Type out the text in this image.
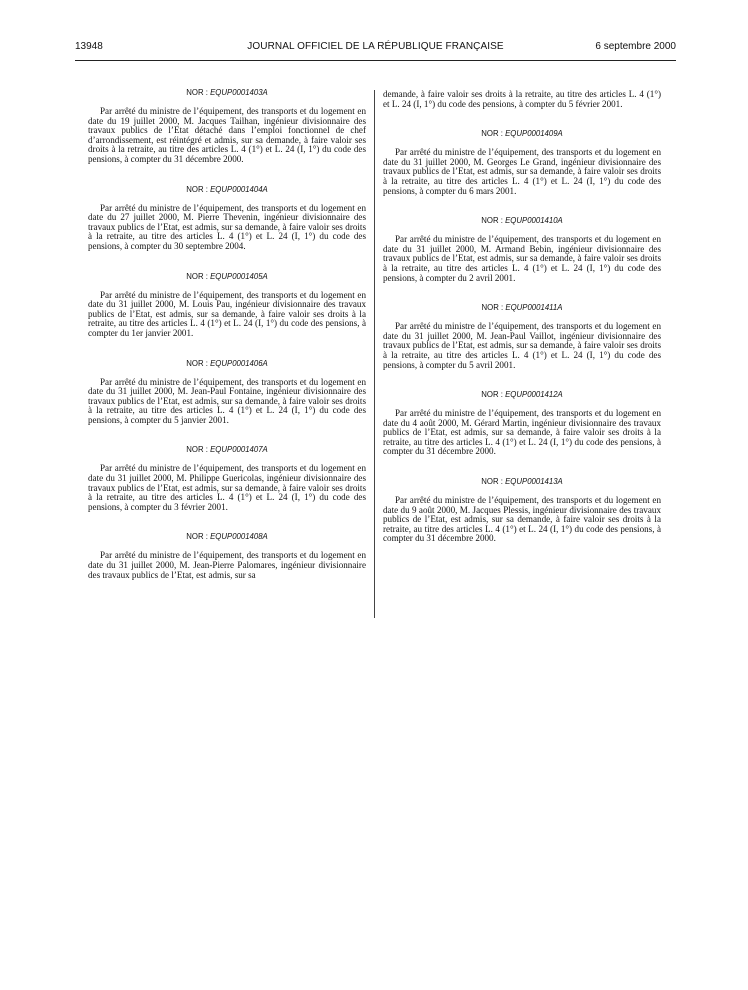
13948	JOURNAL OFFICIEL DE LA RÉPUBLIQUE FRANÇAISE	6 septembre 2000
NOR : EQUP0001403A

Par arrêté du ministre de l’équipement, des transports et du logement en date du 19 juillet 2000, M. Jacques Tailhan, ingénieur divisionnaire des travaux publics de l’Etat détaché dans l’emploi fonctionnel de chef d’arrondissement, est réintégré et admis, sur sa demande, à faire valoir ses droits à la retraite, au titre des articles L. 4 (1°) et L. 24 (I, 1°) du code des pensions, à compter du 31 décembre 2000.

NOR : EQUP0001404A

Par arrêté du ministre de l’équipement, des transports et du logement en date du 27 juillet 2000, M. Pierre Thevenin, ingénieur divisionnaire des travaux publics de l’Etat, est admis, sur sa demande, à faire valoir ses droits à la retraite, au titre des articles L. 4 (1°) et L. 24 (I, 1°) du code des pensions, à compter du 30 septembre 2004.

NOR : EQUP0001405A

Par arrêté du ministre de l’équipement, des transports et du logement en date du 31 juillet 2000, M. Louis Pau, ingénieur divisionnaire des travaux publics de l’Etat, est admis, sur sa demande, à faire valoir ses droits à la retraite, au titre des articles L. 4 (1°) et L. 24 (I, 1°) du code des pensions, à compter du 1er janvier 2001.

NOR : EQUP0001406A

Par arrêté du ministre de l’équipement, des transports et du logement en date du 31 juillet 2000, M. Jean-Paul Fontaine, ingénieur divisionnaire des travaux publics de l’Etat, est admis, sur sa demande, à faire valoir ses droits à la retraite, au titre des articles L. 4 (1°) et L. 24 (I, 1°) du code des pensions, à compter du 5 janvier 2001.

NOR : EQUP0001407A

Par arrêté du ministre de l’équipement, des transports et du logement en date du 31 juillet 2000, M. Philippe Guericolas, ingénieur divisionnaire des travaux publics de l’Etat, est admis, sur sa demande, à faire valoir ses droits à la retraite, au titre des articles L. 4 (1°) et L. 24 (I, 1°) du code des pensions, à compter du 3 février 2001.

NOR : EQUP0001408A

Par arrêté du ministre de l’équipement, des transports et du logement en date du 31 juillet 2000, M. Jean-Pierre Palomares, ingénieur divisionnaire des travaux publics de l’Etat, est admis, sur sa

demande, à faire valoir ses droits à la retraite, au titre des articles L. 4 (1°) et L. 24 (I, 1°) du code des pensions, à compter du 5 février 2001.

NOR : EQUP0001409A

Par arrêté du ministre de l’équipement, des transports et du logement en date du 31 juillet 2000, M. Georges Le Grand, ingénieur divisionnaire des travaux publics de l’Etat, est admis, sur sa demande, à faire valoir ses droits à la retraite, au titre des articles L. 4 (1°) et L. 24 (I, 1°) du code des pensions, à compter du 6 mars 2001.

NOR : EQUP0001410A

Par arrêté du ministre de l’équipement, des transports et du logement en date du 31 juillet 2000, M. Armand Bebin, ingénieur divisionnaire des travaux publics de l’Etat, est admis, sur sa demande, à faire valoir ses droits à la retraite, au titre des articles L. 4 (1°) et L. 24 (I, 1°) du code des pensions, à compter du 2 avril 2001.

NOR : EQUP0001411A

Par arrêté du ministre de l’équipement, des transports et du logement en date du 31 juillet 2000, M. Jean-Paul Vaillot, ingénieur divisionnaire des travaux publics de l’Etat, est admis, sur sa demande, à faire valoir ses droits à la retraite, au titre des articles L. 4 (1°) et L. 24 (I, 1°) du code des pensions, à compter du 5 avril 2001.

NOR : EQUP0001412A

Par arrêté du ministre de l’équipement, des transports et du logement en date du 4 août 2000, M. Gérard Martin, ingénieur divisionnaire des travaux publics de l’Etat, est admis, sur sa demande, à faire valoir ses droits à la retraite, au titre des articles L. 4 (1°) et L. 24 (I, 1°) du code des pensions, à compter du 31 décembre 2000.

NOR : EQUP0001413A

Par arrêté du ministre de l’équipement, des transports et du logement en date du 9 août 2000, M. Jacques Plessis, ingénieur divisionnaire des travaux publics de l’Etat, est admis, sur sa demande, à faire valoir ses droits à la retraite, au titre des articles L. 4 (1°) et L. 24 (I, 1°) du code des pensions, à compter du 31 décembre 2000.
